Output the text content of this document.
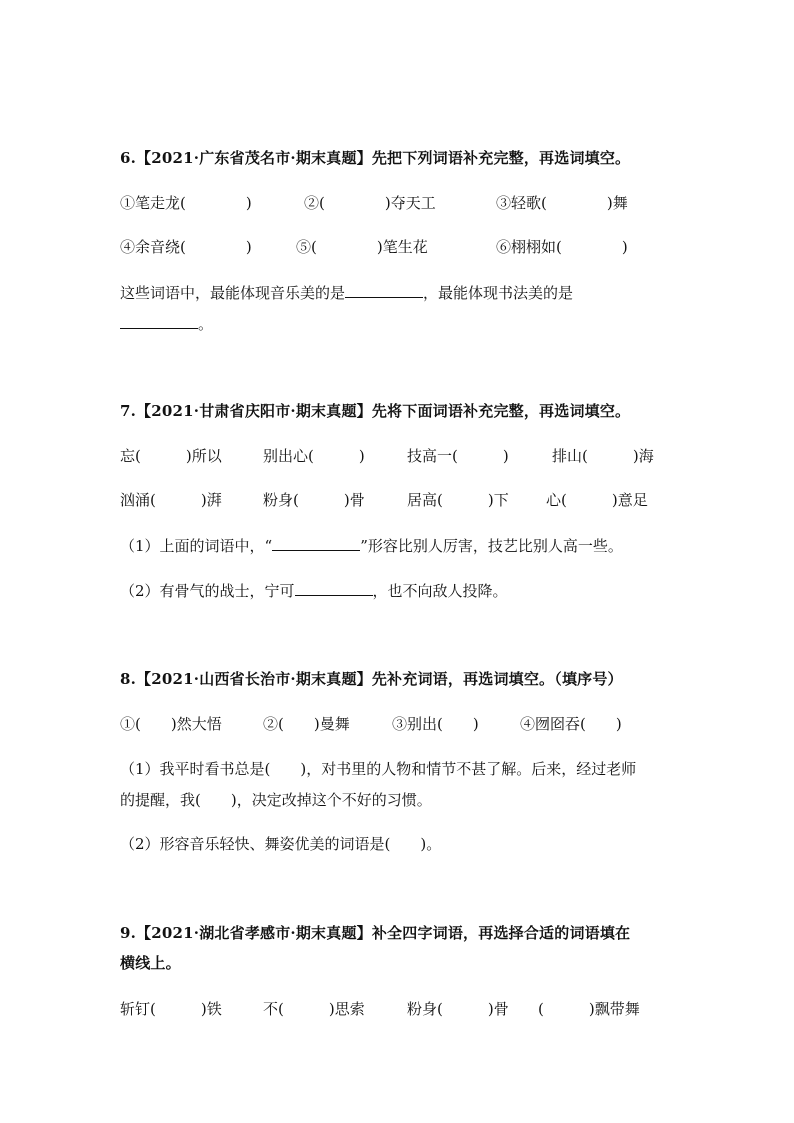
6.【2021·广东省茂名市·期末真题】先把下列词语补充完整，再选词填空。
①笔走龙(　　　　)	②(　　　　)夺天工	③轻歌(　　　　)舞
④余音绕(　　　　)	⑤(　　　　)笔生花	⑥栩栩如(　　　　)
这些词语中，最能体现音乐美的是	，最能体现书法美的是
。
7.【2021·甘肃省庆阳市·期末真题】先将下面词语补充完整，再选词填空。
忘(　　　)所以	别出心(　　　)	技高一(　　　)	排山(　　　)海
汹涌(　　　)湃	粉身(　　　)骨	居高(　　　)下 心(　　　)意足
（1）上面的词语中，“	”形容比别人厉害，技艺比别人高一些。
（2）有骨气的战士，宁可	，也不向敌人投降。
8.【2021·山西省长治市·期末真题】先补充词语，再选词填空。（填序号）
①(　　)然大悟	②(　　)曼舞	③别出(　　)	④囫囵吞(　　)
（1）我平时看书总是(　　)，对书里的人物和情节不甚了解。后来，经过老师
的提醒，我(　　)，决定改掉这个不好的习惯。
（2）形容音乐轻快、舞姿优美的词语是(　　)。
9.【2021·湖北省孝感市·期末真题】补全四字词语，再选择合适的词语填在
横线上。
斩钉(　　　)铁	不(　　　)思索	粉身(　　　)骨 (　　　)飘带舞
